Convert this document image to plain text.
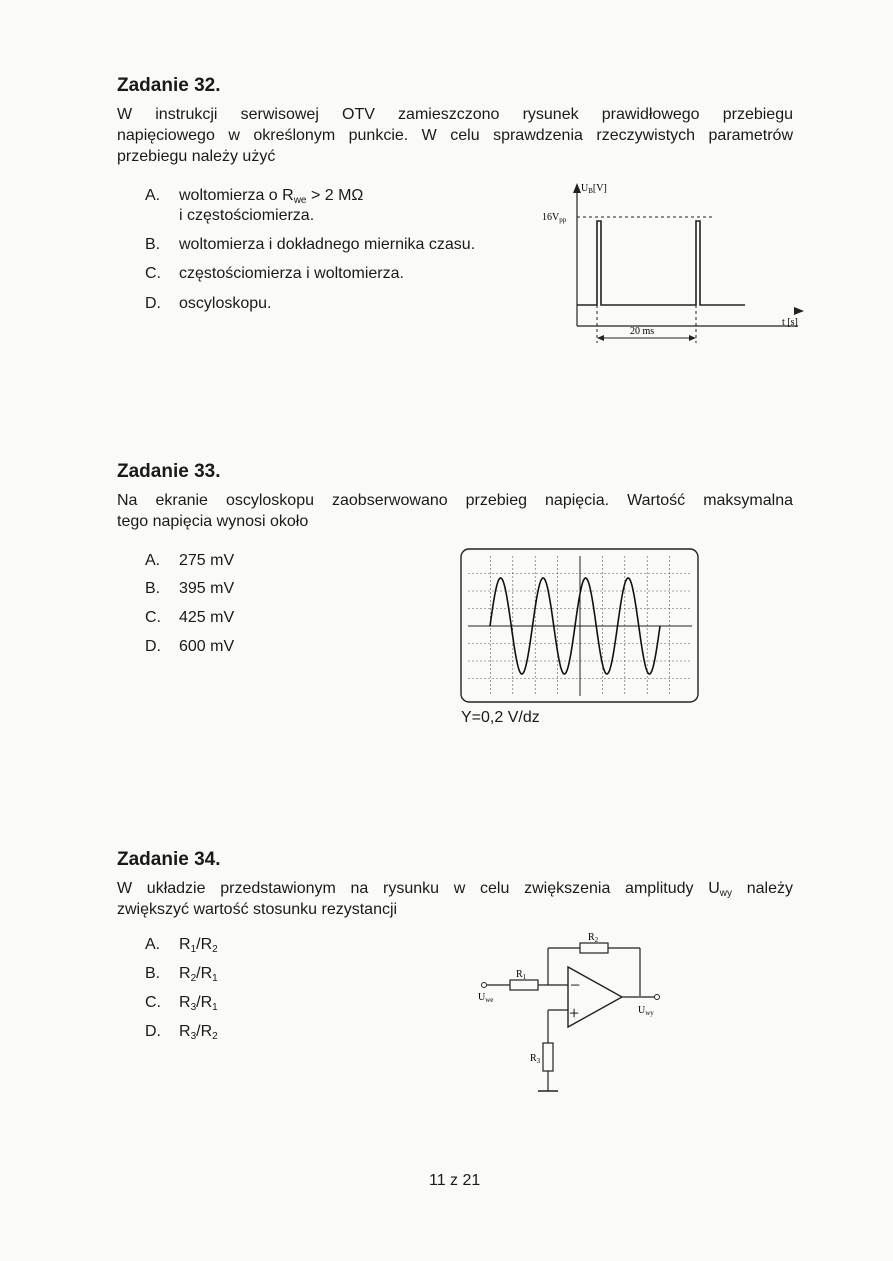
Zadanie 32.
W instrukcji serwisowej OTV zamieszczono rysunek prawidłowego przebiegu
napięciowego w określonym punkcie. W celu sprawdzenia rzeczywistych parametrów
przebiegu należy użyć
A. woltomierza o $R_{we} > 2$ MΩ
i częstościomierza.
B. woltomierza i dokładnego miernika czasu.
C. częstościomierza i woltomierza.
D. oscyloskopu.
$U_B[V]$
$16V_{pp}$
20 ms
t [s]
Zadanie 33.
Na ekranie oscyloskopu zaobserwowano przebieg napięcia. Wartość maksymalna
tego napięcia wynosi około
A. 275 mV
B. 395 mV
C. 425 mV
D. 600 mV
Y=0,2 V/dz
Zadanie 34.
W układzie przedstawionym na rysunku w celu zwiększenia amplitudy $U_{wy}$ należy
zwiększyć wartość stosunku rezystancji
A. $R_1/R_2$
B. $R_2/R_1$
C. $R_3/R_1$
D. $R_3/R_2$
−
+
$R_2$
$R_1$
$R_3$
$U_{we}$
$U_{wy}$
11 z 21
